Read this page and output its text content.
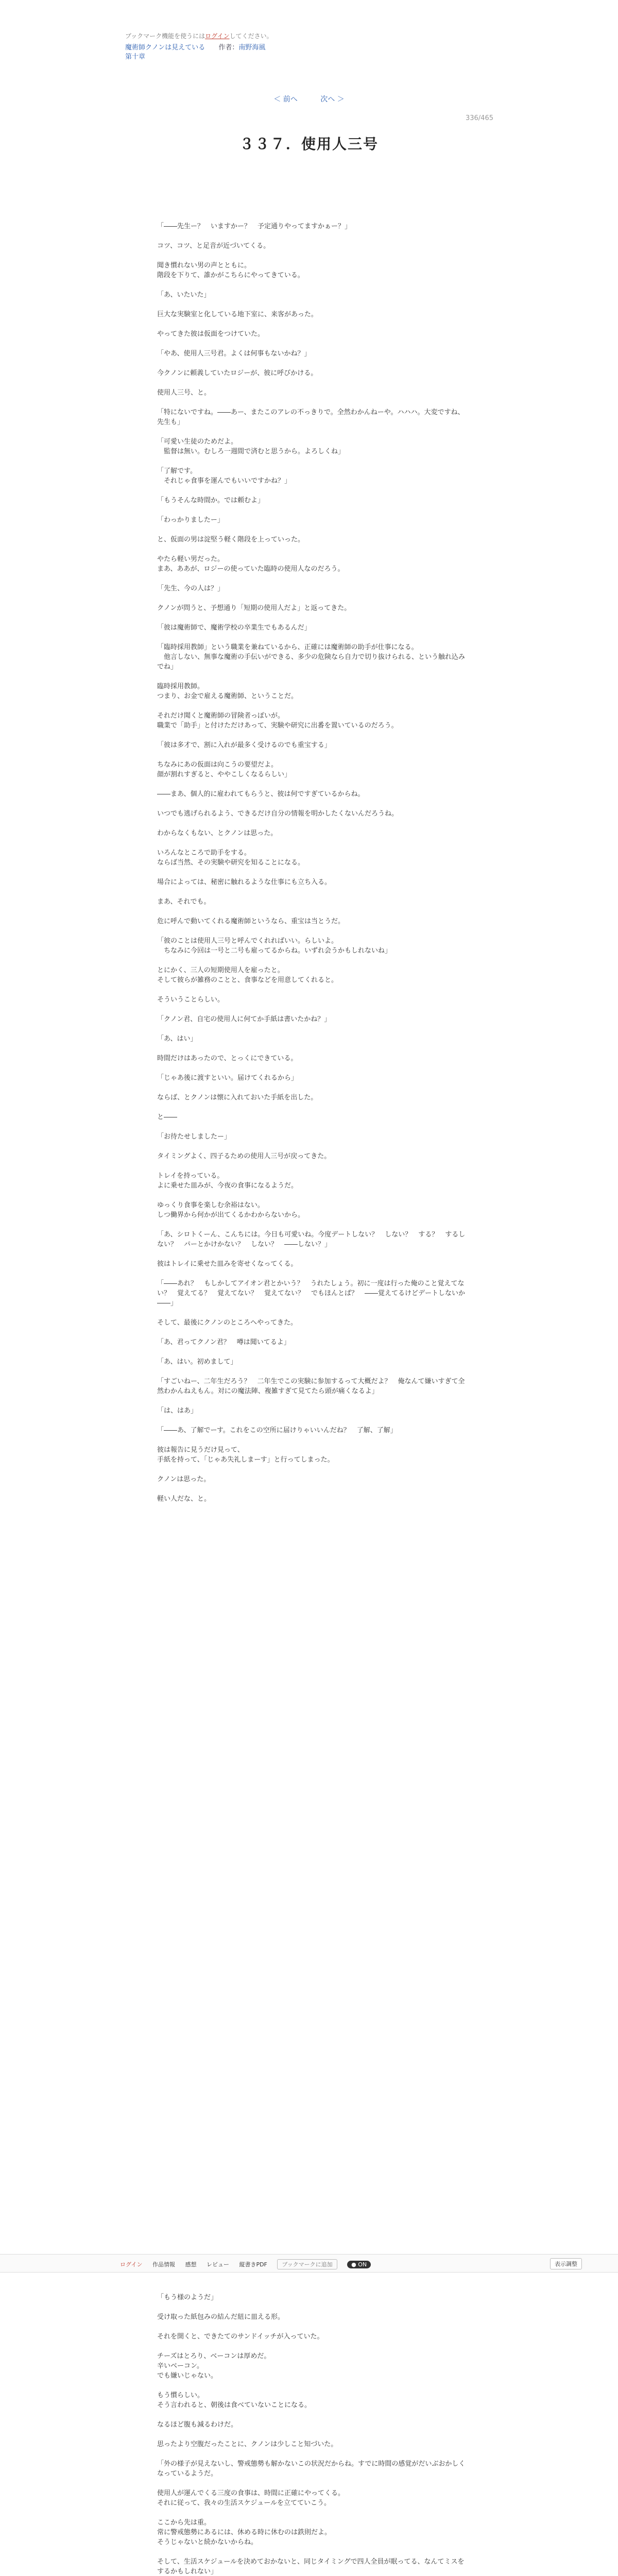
ブックマーク機能を使うにはログインしてください。
魔術師クノンは見えている 作者：南野海風
第十章
＜ 前へ	次へ ＞
336/465
３３７．使用人三号

「――先生ー？　いますかー？　予定通りやってますかぁー？」

コツ、コツ、と足音が近づいてくる。

聞き慣れない男の声とともに。
階段を下りて、誰かがこちらにやってきている。

「あ、いたいた」

巨大な実験室と化している地下室に、来客があった。

やってきた彼は仮面をつけていた。

「やあ、使用人三号君。よくは何事もないかね？」

今クノンに頼義していたロジーが、彼に呼びかける。

使用人三号、と。

「特にないですね。――あー、またこのアレの不っきりで。全然わかんねーや。ハハハ。大変ですね、先生も」

「可愛い生徒のためだよ。
　監督は無い。むしろ一週間で済むと思うから。よろしくね」

「了解です。
　それじゃ食事を運んでもいいですかね？」

「もうそんな時間か。では頼むよ」

「わっかりましたー」

と、仮面の男は淀堅う軽く階段を上っていった。

やたら軽い男だった。
まあ、ああが、ロジーの使っていた臨時の使用人なのだろう。

「先生、今の人は？」

クノンが問うと、予想通り「短期の使用人だよ」と返ってきた。

「彼は魔術師で、魔術学校の卒業生でもあるんだ」

「臨時採用教師」という職業を兼ねているから、正確には魔術師の助手が仕事になる。
　他言しない、無事な魔術の手伝いができる、多少の危険なら自力で切り抜けられる、という触れ込みでね」

臨時採用教師。
つまり、お金で雇える魔術師、ということだ。

それだけ聞くと魔術師の冒険者っぽいが。
職業で「助手」と付けただけあって、実験や研究に出番を置いているのだろう。

「彼は多才で、割に入れが最多く受けるのでも重宝する」

ちなみにあの仮面は向こうの要望だよ。
顔が割れすぎると、ややこしくなるらしい」

――まあ、個人的に雇われてもらうと、彼は何ですぎているからね。

いつでも逃げられるよう、できるだけ自分の情報を明かしたくないんだろうね。

わからなくもない、とクノンは思った。

いろんなところで助手をする。
ならば当然、その実験や研究を知ることになる。

場合によっては、秘密に触れるような仕事にも立ち入る。

まあ、それでも。

危に呼んで動いてくれる魔術師というなら、重宝は当とうだ。

「彼のことは使用人三号と呼んでくれればいい。らしいよ。
　ちなみに今回は一号と二号も雇ってるからね。いずれ会うかもしれないね」

とにかく、三人の短期使用人を雇ったと。
そして彼らが雑務のことと、食事などを用意してくれると。

そういうことらしい。

「クノン君、自宅の使用人に何てか手紙は書いたかね？」

「あ、はい」

時間だけはあったので、とっくにできている。

「じゃあ後に渡すといい。届けてくれるから」

ならば、とクノンは懐に入れておいた手紙を出した。

と――

「お待たせしましたー」

タイミングよく、四子るための使用人三号が戻ってきた。

トレイを持っている。
よに乗せた皿みが、今夜の食事になるようだ。

ゆっくり食事を楽しむ余裕はない。
しつ働界から何かが出てくるかわからないから。

「あ、シロトくーん、こんちには。今日も可愛いね。今度デートしない？　しない？　する？　するしない？　パーとかけかない？　しない？　――しない？」

彼はトレイに乗せた皿みを寄せくなってくる。

「――あれ？　もしかしてアイオン君とかいう？　うれたしょう。初に一度は行った俺のこと覚えてない？　覚えてる？　覚えてない？　覚えてない？　でもほんとぱ？　――覚えてるけどデートしないか――」

そして、最後にクノンのところへやってきた。

「あ、君ってクノン君？　噂は聞いてるよ」

「あ、はい。初めまして」

「すごいねー、二年生だろう？　二年生でこの実験に参加するって大概だよ？　俺なんて嫌いすぎて全然わかんねえもん。対にの魔法陣、複雑すぎて見てたら頭が痛くなるよ」

「は、はあ」

「――あ、了解でーす。これをこの空所に届けりゃいいんだね？　了解、了解」

彼は報告に見うだけ見って、
手紙を持って、「じゃあ失礼しまーす」と行ってしまった。

クノンは思った。

軽い人だな、と。

ログイン 作品情報 感想 レビュー 縦書きPDF	ブックマークに追加	● ON	表示調整

「もう様のようだ」

受け取った紙包みの結んだ紐に皿える形。

それを開くと、できたてのサンドイッチが入っていた。

チーズはとろり、ベーコンは厚めだ。
辛いベーコン。
でも嫌いじゃない。

もう慣らしい。
そう言われると、朝後は食べていないことになる。

なるほど腹も減るわけだ。

思ったより空腹だったことに、クノンは少しこと知づいた。

「外の様子が見えないし、警戒態勢も解かないこの状況だからね。すでに時間の感覚がだいぶおかしくなっているようだ。

使用人が運んでくる三度の食事は、時間に正確にやってくる。
それに従って、我々の生活スケジュールを立てていこう。

ここから先は重。
常に警戒態勢にあるには、休める時に休むのは鉄則だよ。
そうじゃないと続かないからね。

そして、生活スケジュールを決めておかないと、同じタイミングで四人全員が眠ってる、なんてミスをするかもしれない」
